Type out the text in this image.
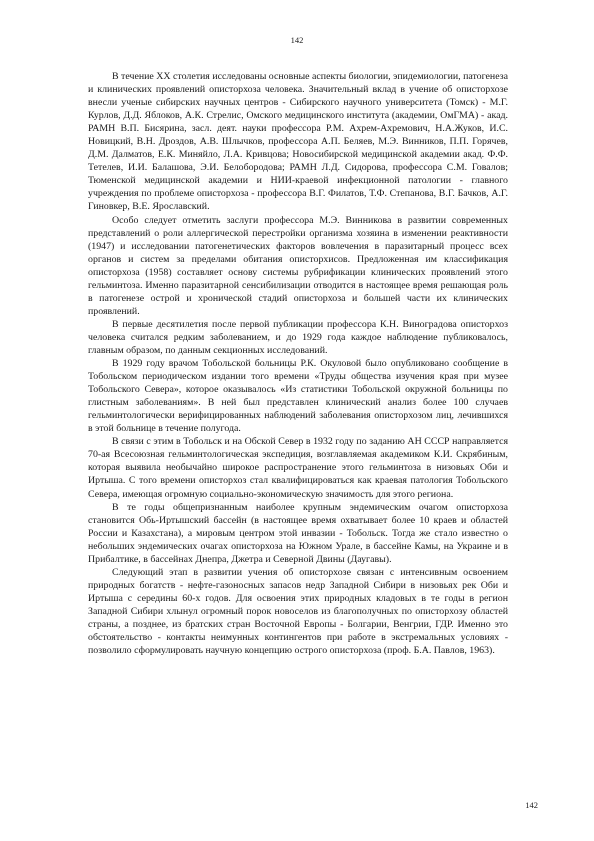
142

В течение XX столетия исследованы основные аспекты биологии, эпидемиологии, патогенеза и клинических проявлений описторхоза человека. Значительный вклад в учение об описторхозе внесли ученые сибирских научных центров - Сибирского научного университета (Томск) - М.Г. Курлов, Д.Д. Яблоков, А.К. Стрелис, Омского медицинского института (академии, ОмГМА) - акад. РАМН В.П. Бисярина, засл. деят. науки профессора Р.М. Ахрем-Ахремович, Н.А.Жуков, И.С. Новицкий, В.Н. Дроздов, А.В. Шлычков, профессора А.П. Беляев, М.Э. Винников, П.П. Горячев, Д.М. Далматов, Е.К. Миняйло, Л.А. Кривцова; Новосибирской медицинской академии акад. Ф.Ф. Тетелев, И.И. Балашова, Э.И. Белобородова; РАМН Л.Д. Сидорова, профессора С.М. Говалов; Тюменской медицинской академии и НИИ-краевой инфекционной патологии - главного учреждения по проблеме описторхоза - профессора В.Г. Филатов, Т.Ф. Степанова, В.Г. Бачков, А.Г. Гиновкер, В.Е. Ярославский.

Особо следует отметить заслуги профессора М.Э. Винникова в развитии современных представлений о роли аллергической перестройки организма хозяина в изменении реактивности (1947) и исследовании патогенетических факторов вовлечения в паразитарный процесс всех органов и систем за пределами обитания описторхисов. Предложенная им классификация описторхоза (1958) составляет основу системы рубрификации клинических проявлений этого гельминтоза. Именно паразитарной сенсибилизации отводится в настоящее время решающая роль в патогенезе острой и хронической стадий описторхоза и большей части их клинических проявлений.

В первые десятилетия после первой публикации профессора К.Н. Виноградова описторхоз человека считался редким заболеванием, и до 1929 года каждое наблюдение публиковалось, главным образом, по данным секционных исследований.

В 1929 году врачом Тобольской больницы Р.К. Окуловой было опубликовано сообщение в Тобольском периодическом издании того времени «Труды общества изучения края при музее Тобольского Севера», которое оказывалось «Из статистики Тобольской окружной больницы по глистным заболеваниям». В ней был представлен клинический анализ более 100 случаев гельминтологически верифицированных наблюдений заболевания описторхозом лиц, лечившихся в этой больнице в течение полугода.

В связи с этим в Тобольск и на Обской Север в 1932 году по заданию АН СССР направляется 70-ая Всесоюзная гельминтологическая экспедиция, возглавляемая академиком К.И. Скрябиным, которая выявила необычайно широкое распространение этого гельминтоза в низовьях Оби и Иртыша. С того времени описторхоз стал квалифицироваться как краевая патология Тобольского Севера, имеющая огромную социально-экономическую значимость для этого региона.

В те годы общепризнанным наиболее крупным эндемическим очагом описторхоза становится Обь-Иртышский бассейн (в настоящее время охватывает более 10 краев и областей России и Казахстана), а мировым центром этой инвазии - Тобольск. Тогда же стало известно о небольших эндемических очагах описторхоза на Южном Урале, в бассейне Камы, на Украине и в Прибалтике, в бассейнах Днепра, Джетра и Северной Двины (Даугавы).

Следующий этап в развитии учения об описторхозе связан с интенсивным освоением природных богатств - нефте-газоносных запасов недр Западной Сибири в низовьях рек Оби и Иртыша с середины 60-х годов. Для освоения этих природных кладовых в те годы в регион Западной Сибири хлынул огромный порок новоселов из благополучных по описторхозу областей страны, а позднее, из братских стран Восточной Европы - Болгарии, Венгрии, ГДР. Именно это обстоятельство - контакты неимунных контингентов при работе в экстремальных условиях - позволило сформулировать научную концепцию острого описторхоза (проф. Б.А. Павлов, 1963).

142
